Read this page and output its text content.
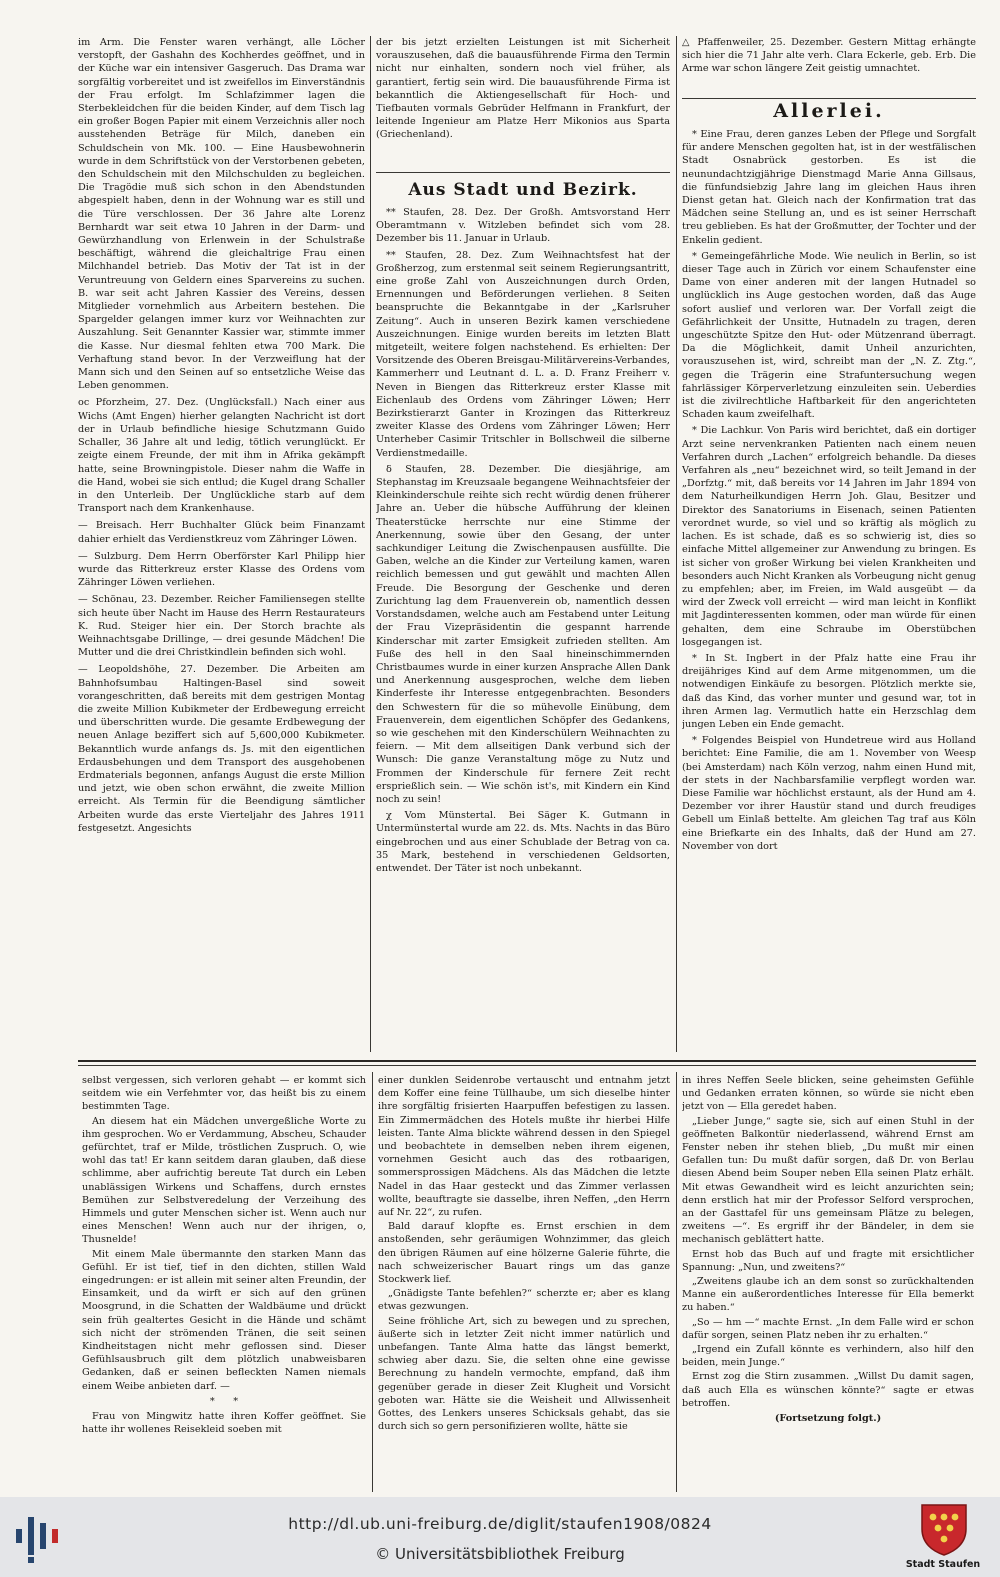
im Arm. Die Fenster waren verhängt, alle Löcher verstopft, der Gashahn des Kochherdes geöffnet, und in der Küche war ein intensiver Gasgeruch. Das Drama war sorgfältig vorbereitet und ist zweifellos im Einverständnis der Frau erfolgt. Im Schlafzimmer lagen die Sterbekleidchen für die beiden Kinder, auf dem Tisch lag ein großer Bogen Papier mit einem Verzeichnis aller noch ausstehenden Beträge für Milch, daneben ein Schuldschein von Mk. 100. — Eine Hausbewohnerin wurde in dem Schriftstück von der Verstorbenen gebeten, den Schuldschein mit den Milchschulden zu begleichen. Die Tragödie muß sich schon in den Abendstunden abgespielt haben, denn in der Wohnung war es still und die Türe verschlossen. Der 36 Jahre alte Lorenz Bernhardt war seit etwa 10 Jahren in der Darm- und Gewürzhandlung von Erlenwein in der Schulstraße beschäftigt, während die gleichaltrige Frau einen Milchhandel betrieb. Das Motiv der Tat ist in der Veruntreuung von Geldern eines Sparvereins zu suchen. B. war seit acht Jahren Kassier des Vereins, dessen Mitglieder vornehmlich aus Arbeitern bestehen. Die Spargelder gelangen immer kurz vor Weihnachten zur Auszahlung. Seit Genannter Kassier war, stimmte immer die Kasse. Nur diesmal fehlten etwa 700 Mark. Die Verhaftung stand bevor. In der Verzweiflung hat der Mann sich und den Seinen auf so entsetzliche Weise das Leben genommen.

oc Pforzheim, 27. Dez. (Unglücksfall.) Nach einer aus Wichs (Amt Engen) hierher gelangten Nachricht ist dort der in Urlaub befindliche hiesige Schutzmann Guido Schaller, 36 Jahre alt und ledig, tötlich verunglückt. Er zeigte einem Freunde, der mit ihm in Afrika gekämpft hatte, seine Browningpistole. Dieser nahm die Waffe in die Hand, wobei sie sich entlud; die Kugel drang Schaller in den Unterleib. Der Unglückliche starb auf dem Transport nach dem Krankenhause.

— Breisach. Herr Buchhalter Glück beim Finanzamt dahier erhielt das Verdienstkreuz vom Zähringer Löwen.

— Sulzburg. Dem Herrn Oberförster Karl Philipp hier wurde das Ritterkreuz erster Klasse des Ordens vom Zähringer Löwen verliehen.

— Schönau, 23. Dezember. Reicher Familiensegen stellte sich heute über Nacht im Hause des Herrn Restaurateurs K. Rud. Steiger hier ein. Der Storch brachte als Weihnachtsgabe Drillinge, — drei gesunde Mädchen! Die Mutter und die drei Christkindlein befinden sich wohl.

— Leopoldshöhe, 27. Dezember. Die Arbeiten am Bahnhofsumbau Haltingen-Basel sind soweit vorangeschritten, daß bereits mit dem gestrigen Montag die zweite Million Kubikmeter der Erdbewegung erreicht und überschritten wurde. Die gesamte Erdbewegung der neuen Anlage beziffert sich auf 5,600,000 Kubikmeter. Bekanntlich wurde anfangs ds. Js. mit den eigentlichen Erdausbehungen und dem Transport des ausgehobenen Erdmaterials begonnen, anfangs August die erste Million und jetzt, wie oben schon erwähnt, die zweite Million erreicht. Als Termin für die Beendigung sämtlicher Arbeiten wurde das erste Vierteljahr des Jahres 1911 festgesetzt. Angesichts

der bis jetzt erzielten Leistungen ist mit Sicherheit vorauszusehen, daß die bauausführende Firma den Termin nicht nur einhalten, sondern noch viel früher, als garantiert, fertig sein wird. Die bauausführende Firma ist bekanntlich die Aktiengesellschaft für Hoch- und Tiefbauten vormals Gebrüder Helfmann in Frankfurt, der leitende Ingenieur am Platze Herr Mikonios aus Sparta (Griechenland).

Aus Stadt und Bezirk.

** Staufen, 28. Dez. Der Großh. Amtsvorstand Herr Oberamtmann v. Witzleben befindet sich vom 28. Dezember bis 11. Januar in Urlaub.

** Staufen, 28. Dez. Zum Weihnachtsfest hat der Großherzog, zum erstenmal seit seinem Regierungsantritt, eine große Zahl von Auszeichnungen durch Orden, Ernennungen und Beförderungen verliehen. 8 Seiten beanspruchte die Bekanntgabe in der „Karlsruher Zeitung“. Auch in unseren Bezirk kamen verschiedene Auszeichnungen. Einige wurden bereits im letzten Blatt mitgeteilt, weitere folgen nachstehend. Es erhielten: Der Vorsitzende des Oberen Breisgau-Militärvereins-Verbandes, Kammerherr und Leutnant d. L. a. D. Franz Freiherr v. Neven in Biengen das Ritterkreuz erster Klasse mit Eichenlaub des Ordens vom Zähringer Löwen; Herr Bezirkstierarzt Ganter in Krozingen das Ritterkreuz zweiter Klasse des Ordens vom Zähringer Löwen; Herr Unterheber Casimir Tritschler in Bollschweil die silberne Verdienstmedaille.

δ Staufen, 28. Dezember. Die diesjährige, am Stephanstag im Kreuzsaale begangene Weihnachtsfeier der Kleinkinderschule reihte sich recht würdig denen früherer Jahre an. Ueber die hübsche Aufführung der kleinen Theaterstücke herrschte nur eine Stimme der Anerkennung, sowie über den Gesang, der unter sachkundiger Leitung die Zwischenpausen ausfüllte. Die Gaben, welche an die Kinder zur Verteilung kamen, waren reichlich bemessen und gut gewählt und machten Allen Freude. Die Besorgung der Geschenke und deren Zurichtung lag dem Frauenverein ob, namentlich dessen Vorstandsdamen, welche auch am Festabend unter Leitung der Frau Vizepräsidentin die gespannt harrende Kinderschar mit zarter Emsigkeit zufrieden stellten. Am Fuße des hell in den Saal hineinschimmernden Christbaumes wurde in einer kurzen Ansprache Allen Dank und Anerkennung ausgesprochen, welche dem lieben Kinderfeste ihr Interesse entgegenbrachten. Besonders den Schwestern für die so mühevolle Einübung, dem Frauenverein, dem eigentlichen Schöpfer des Gedankens, so wie geschehen mit den Kinderschülern Weihnachten zu feiern. — Mit dem allseitigen Dank verbund sich der Wunsch: Die ganze Veranstaltung möge zu Nutz und Frommen der Kinderschule für fernere Zeit recht ersprießlich sein. — Wie schön ist's, mit Kindern ein Kind noch zu sein!

χ Vom Münstertal. Bei Säger K. Gutmann in Untermünstertal wurde am 22. ds. Mts. Nachts in das Büro eingebrochen und aus einer Schublade der Betrag von ca. 35 Mark, bestehend in verschiedenen Geldsorten, entwendet. Der Täter ist noch unbekannt.

△ Pfaffenweiler, 25. Dezember. Gestern Mittag erhängte sich hier die 71 Jahr alte verh. Clara Eckerle, geb. Erb. Die Arme war schon längere Zeit geistig umnachtet.

Allerlei.

* Eine Frau, deren ganzes Leben der Pflege und Sorgfalt für andere Menschen gegolten hat, ist in der westfälischen Stadt Osnabrück gestorben. Es ist die neunundachtzigjährige Dienstmagd Marie Anna Gillsaus, die fünfundsiebzig Jahre lang im gleichen Haus ihren Dienst getan hat. Gleich nach der Konfirmation trat das Mädchen seine Stellung an, und es ist seiner Herrschaft treu geblieben. Es hat der Großmutter, der Tochter und der Enkelin gedient.

* Gemeingefährliche Mode. Wie neulich in Berlin, so ist dieser Tage auch in Zürich vor einem Schaufenster eine Dame von einer anderen mit der langen Hutnadel so unglücklich ins Auge gestochen worden, daß das Auge sofort auslief und verloren war. Der Vorfall zeigt die Gefährlichkeit der Unsitte, Hutnadeln zu tragen, deren ungeschützte Spitze den Hut- oder Mützenrand überragt. Da die Möglichkeit, damit Unheil anzurichten, vorauszusehen ist, wird, schreibt man der „N. Z. Ztg.“, gegen die Trägerin eine Strafuntersuchung wegen fahrlässiger Körperverletzung einzuleiten sein. Ueberdies ist die zivilrechtliche Haftbarkeit für den angerichteten Schaden kaum zweifelhaft.

* Die Lachkur. Von Paris wird berichtet, daß ein dortiger Arzt seine nervenkranken Patienten nach einem neuen Verfahren durch „Lachen“ erfolgreich behandle. Da dieses Verfahren als „neu“ bezeichnet wird, so teilt Jemand in der „Dorfztg.“ mit, daß bereits vor 14 Jahren im Jahr 1894 von dem Naturheilkundigen Herrn Joh. Glau, Besitzer und Direktor des Sanatoriums in Eisenach, seinen Patienten verordnet wurde, so viel und so kräftig als möglich zu lachen. Es ist schade, daß es so schwierig ist, dies so einfache Mittel allgemeiner zur Anwendung zu bringen. Es ist sicher von großer Wirkung bei vielen Krankheiten und besonders auch Nicht Kranken als Vorbeugung nicht genug zu empfehlen; aber, im Freien, im Wald ausgeübt — da wird der Zweck voll erreicht — wird man leicht in Konflikt mit Jagdinteressenten kommen, oder man würde für einen gehalten, dem eine Schraube im Oberstübchen losgegangen ist.

* In St. Ingbert in der Pfalz hatte eine Frau ihr dreijähriges Kind auf dem Arme mitgenommen, um die notwendigen Einkäufe zu besorgen. Plötzlich merkte sie, daß das Kind, das vorher munter und gesund war, tot in ihren Armen lag. Vermutlich hatte ein Herzschlag dem jungen Leben ein Ende gemacht.

* Folgendes Beispiel von Hundetreue wird aus Holland berichtet: Eine Familie, die am 1. November von Weesp (bei Amsterdam) nach Köln verzog, nahm einen Hund mit, der stets in der Nachbarsfamilie verpflegt worden war. Diese Familie war höchlichst erstaunt, als der Hund am 4. Dezember vor ihrer Haustür stand und durch freudiges Gebell um Einlaß bettelte. Am gleichen Tag traf aus Köln eine Briefkarte ein des Inhalts, daß der Hund am 27. November von dort

selbst vergessen, sich verloren gehabt — er kommt sich seitdem wie ein Verfehmter vor, das heißt bis zu einem bestimmten Tage.

An diesem hat ein Mädchen unvergeßliche Worte zu ihm gesprochen. Wo er Verdammung, Abscheu, Schauder gefürchtet, traf er Milde, tröstlichen Zuspruch. O, wie wohl das tat! Er kann seitdem daran glauben, daß diese schlimme, aber aufrichtig bereute Tat durch ein Leben unablässigen Wirkens und Schaffens, durch ernstes Bemühen zur Selbstveredelung der Verzeihung des Himmels und guter Menschen sicher ist. Wenn auch nur eines Menschen! Wenn auch nur der ihrigen, o, Thusnelde!

Mit einem Male übermannte den starken Mann das Gefühl. Er ist tief, tief in den dichten, stillen Wald eingedrungen: er ist allein mit seiner alten Freundin, der Einsamkeit, und da wirft er sich auf den grünen Moosgrund, in die Schatten der Waldbäume und drückt sein früh gealtertes Gesicht in die Hände und schämt sich nicht der strömenden Tränen, die seit seinen Kindheitstagen nicht mehr geflossen sind. Dieser Gefühlsausbruch gilt dem plötzlich unabweisbaren Gedanken, daß er seinen befleckten Namen niemals einem Weibe anbieten darf. —

*      *

Frau von Mingwitz hatte ihren Koffer geöffnet. Sie hatte ihr wollenes Reisekleid soeben mit

einer dunklen Seidenrobe vertauscht und entnahm jetzt dem Koffer eine feine Tüllhaube, um sich dieselbe hinter ihre sorgfältig frisierten Haarpuffen befestigen zu lassen. Ein Zimmermädchen des Hotels mußte ihr hierbei Hilfe leisten. Tante Alma blickte während dessen in den Spiegel und beobachtete in demselben neben ihrem eigenen, vornehmen Gesicht auch das des rotbaarigen, sommersprossigen Mädchens. Als das Mädchen die letzte Nadel in das Haar gesteckt und das Zimmer verlassen wollte, beauftragte sie dasselbe, ihren Neffen, „den Herrn auf Nr. 22“, zu rufen.

Bald darauf klopfte es. Ernst erschien in dem anstoßenden, sehr geräumigen Wohnzimmer, das gleich den übrigen Räumen auf eine hölzerne Galerie führte, die nach schweizerischer Bauart rings um das ganze Stockwerk lief.

„Gnädigste Tante befehlen?“ scherzte er; aber es klang etwas gezwungen.

Seine fröhliche Art, sich zu bewegen und zu sprechen, äußerte sich in letzter Zeit nicht immer natürlich und unbefangen. Tante Alma hatte das längst bemerkt, schwieg aber dazu. Sie, die selten ohne eine gewisse Berechnung zu handeln vermochte, empfand, daß ihm gegenüber gerade in dieser Zeit Klugheit und Vorsicht geboten war. Hätte sie die Weisheit und Allwissenheit Gottes, des Lenkers unseres Schicksals gehabt, das sie durch sich so gern personifizieren wollte, hätte sie

in ihres Neffen Seele blicken, seine geheimsten Gefühle und Gedanken erraten können, so würde sie nicht eben jetzt von — Ella geredet haben.

„Lieber Junge,“ sagte sie, sich auf einen Stuhl in der geöffneten Balkontür niederlassend, während Ernst am Fenster neben ihr stehen blieb, „Du mußt mir einen Gefallen tun: Du mußt dafür sorgen, daß Dr. von Berlau diesen Abend beim Souper neben Ella seinen Platz erhält. Mit etwas Gewandheit wird es leicht anzurichten sein; denn erstlich hat mir der Professor Selford versprochen, an der Gasttafel für uns gemeinsam Plätze zu belegen, zweitens —“. Es ergriff ihr der Bändeler, in dem sie mechanisch geblättert hatte.

Ernst hob das Buch auf und fragte mit ersichtlicher Spannung: „Nun, und zweitens?“

„Zweitens glaube ich an dem sonst so zurückhaltenden Manne ein außerordentliches Interesse für Ella bemerkt zu haben.“

„So — hm —“ machte Ernst. „In dem Falle wird er schon dafür sorgen, seinen Platz neben ihr zu erhalten.“

„Irgend ein Zufall könnte es verhindern, also hilf den beiden, mein Junge.“

Ernst zog die Stirn zusammen. „Willst Du damit sagen, daß auch Ella es wünschen könnte?“ sagte er etwas betroffen.

(Fortsetzung folgt.)

http://dl.ub.uni-freiburg.de/diglit/staufen1908/0824
© Universitätsbibliothek Freiburg
Stadt Staufen
